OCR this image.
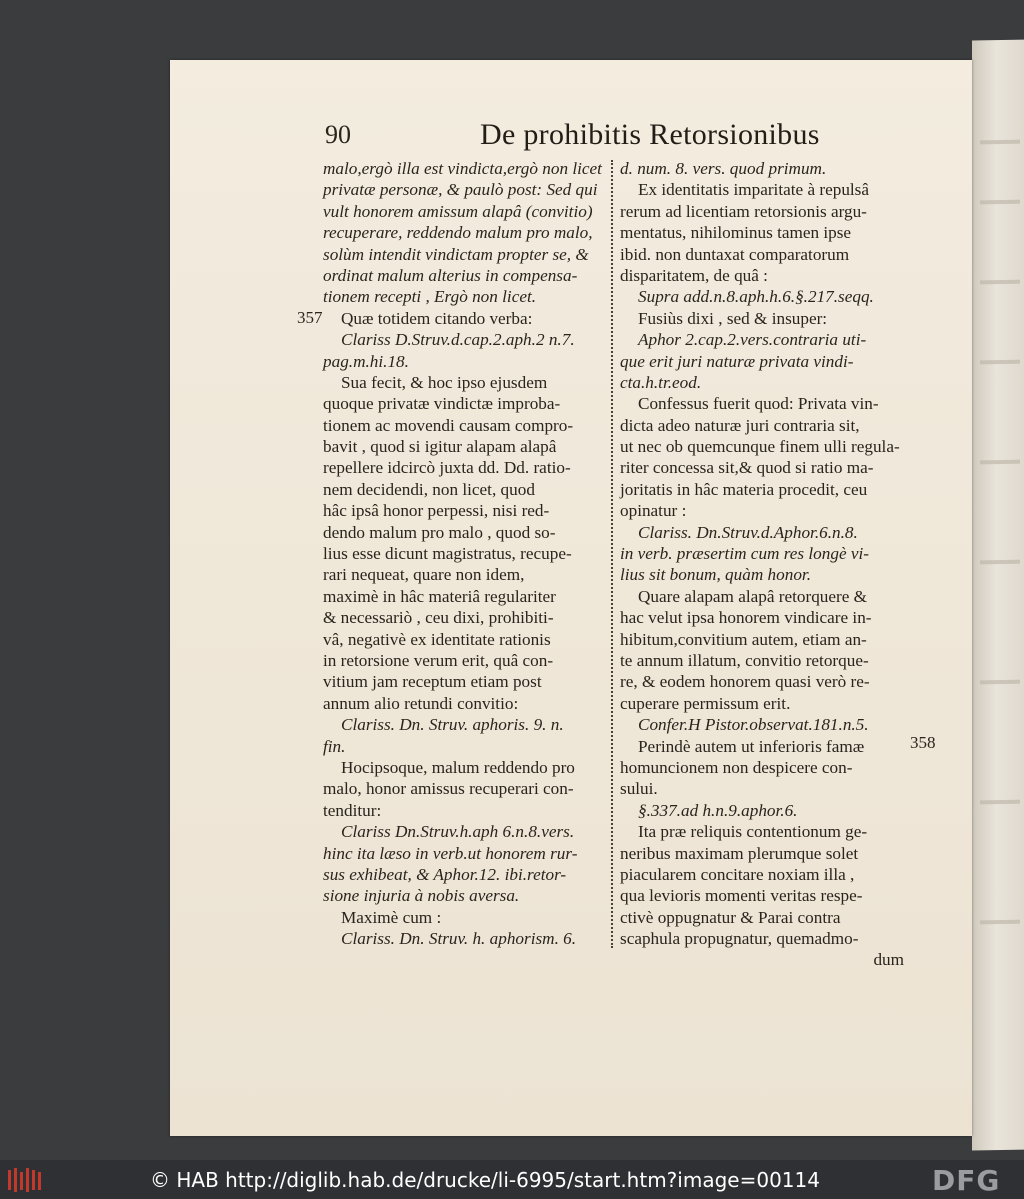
90	De prohibitis Retorsionibus
malo,ergò illa est vindicta,ergò non licet
privatæ personæ, & paulò post: Sed qui
vult honorem amissum alapâ (convitio)
recuperare, reddendo malum pro malo,
solùm intendit vindictam propter se, &
ordinat malum alterius in compensa-
tionem recepti , Ergò non licet.
Quæ totidem citando verba:
Clariss D.Struv.d.cap.2.aph.2 n.7.
pag.m.hi.18.
Sua fecit, & hoc ipso ejusdem
quoque privatæ vindictæ improba-
tionem ac movendi causam compro-
bavit , quod si igitur alapam alapâ
repellere idcircò juxta dd. Dd. ratio-
nem decidendi, non licet, quod
hâc ipsâ honor perpessi, nisi red-
dendo malum pro malo , quod so-
lius esse dicunt magistratus, recupe-
rari nequeat, quare non idem,
maximè in hâc materiâ regulariter
& necessariò , ceu dixi, prohibiti-
vâ, negativè ex identitate rationis
in retorsione verum erit, quâ con-
vitium jam receptum etiam post
annum alio retundi convitio:
Clariss. Dn. Struv. aphoris. 9. n.
fin.
Hocipsoque, malum reddendo pro
malo, honor amissus recuperari con-
tenditur:
Clariss Dn.Struv.h.aph 6.n.8.vers.
hinc ita læso in verb.ut honorem rur-
sus exhibeat, & Aphor.12. ibi.retor-
sione injuria à nobis aversa.
Maximè cum :
Clariss. Dn. Struv. h. aphorism. 6.
d. num. 8. vers. quod primum.
Ex identitatis imparitate à repulsâ
rerum ad licentiam retorsionis argu-
mentatus, nihilominus tamen ipse
ibid. non duntaxat comparatorum
disparitatem, de quâ :
Supra add.n.8.aph.h.6.§.217.seqq.
Fusiùs dixi , sed & insuper:
Aphor 2.cap.2.vers.contraria uti-
que erit juri naturæ privata vindi-
cta.h.tr.eod.
Confessus fuerit quod: Privata vin-
dicta adeo naturæ juri contraria sit,
ut nec ob quemcunque finem ulli regula-
riter concessa sit,& quod si ratio ma-
joritatis in hâc materia procedit, ceu
opinatur :
Clariss. Dn.Struv.d.Aphor.6.n.8.
in verb. præsertim cum res longè vi-
lius sit bonum, quàm honor.
Quare alapam alapâ retorquere &
hac velut ipsa honorem vindicare in-
hibitum,convitium autem, etiam an-
te annum illatum, convitio retorque-
re, & eodem honorem quasi verò re-
cuperare permissum erit.
Confer.H Pistor.observat.181.n.5.
Perindè autem ut inferioris famæ
homuncionem non despicere con-
sului.
§.337.ad h.n.9.aphor.6.
Ita præ reliquis contentionum ge-
neribus maximam plerumque solet
piacularem concitare noxiam illa ,
qua levioris momenti veritas respe-
ctivè oppugnatur & Parai contra
scaphula propugnatur, quemadmo-
dum
357
358
© HAB http://diglib.hab.de/drucke/li-6995/start.htm?image=00114	DFG
